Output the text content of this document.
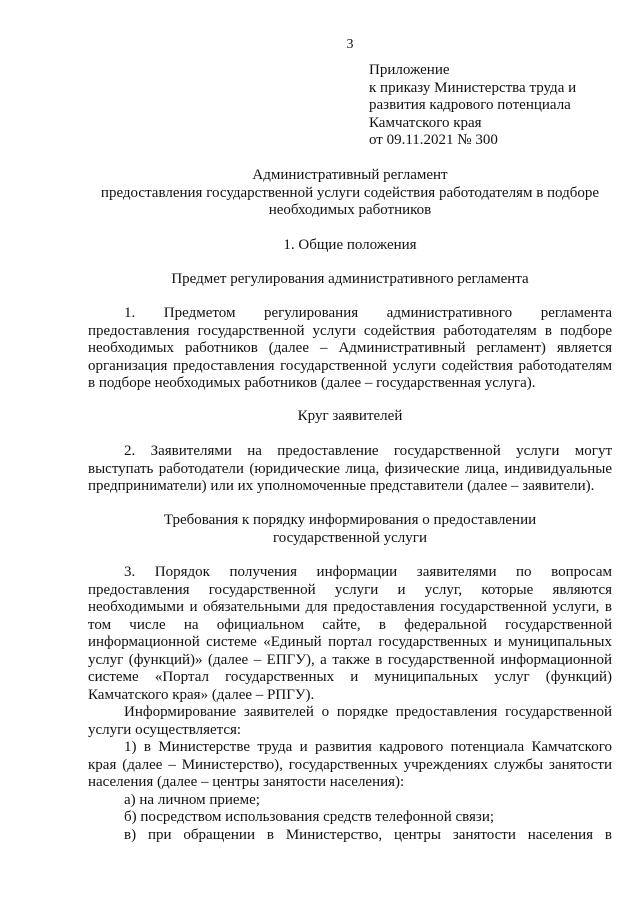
3
Приложение
к приказу Министерства труда и
развития кадрового потенциала
Камчатского края
от 09.11.2021 № 300
Административный регламент
предоставления государственной услуги содействия работодателям в подборе
необходимых работников
1. Общие положения
Предмет регулирования административного регламента
1. Предметом регулирования административного регламента
предоставления государственной услуги содействия работодателям в подборе
необходимых работников (далее – Административный регламент) является
организация предоставления государственной услуги содействия работодателям
в подборе необходимых работников (далее – государственная услуга).
Круг заявителей
2. Заявителями на предоставление государственной услуги могут
выступать работодатели (юридические лица, физические лица, индивидуальные
предприниматели) или их уполномоченные представители (далее – заявители).
Требования к порядку информирования о предоставлении
государственной услуги
3. Порядок получения информации заявителями по вопросам
предоставления государственной услуги и услуг, которые являются
необходимыми и обязательными для предоставления государственной услуги, в
том числе на официальном сайте, в федеральной государственной
информационной системе «Единый портал государственных и муниципальных
услуг (функций)» (далее – ЕПГУ), а также в государственной информационной
системе «Портал государственных и муниципальных услуг (функций)
Камчатского края» (далее – РПГУ).
Информирование заявителей о порядке предоставления государственной
услуги осуществляется:
1) в Министерстве труда и развития кадрового потенциала Камчатского
края (далее – Министерство), государственных учреждениях службы занятости
населения (далее – центры занятости населения):
а) на личном приеме;
б) посредством использования средств телефонной связи;
в) при обращении в Министерство, центры занятости населения в
